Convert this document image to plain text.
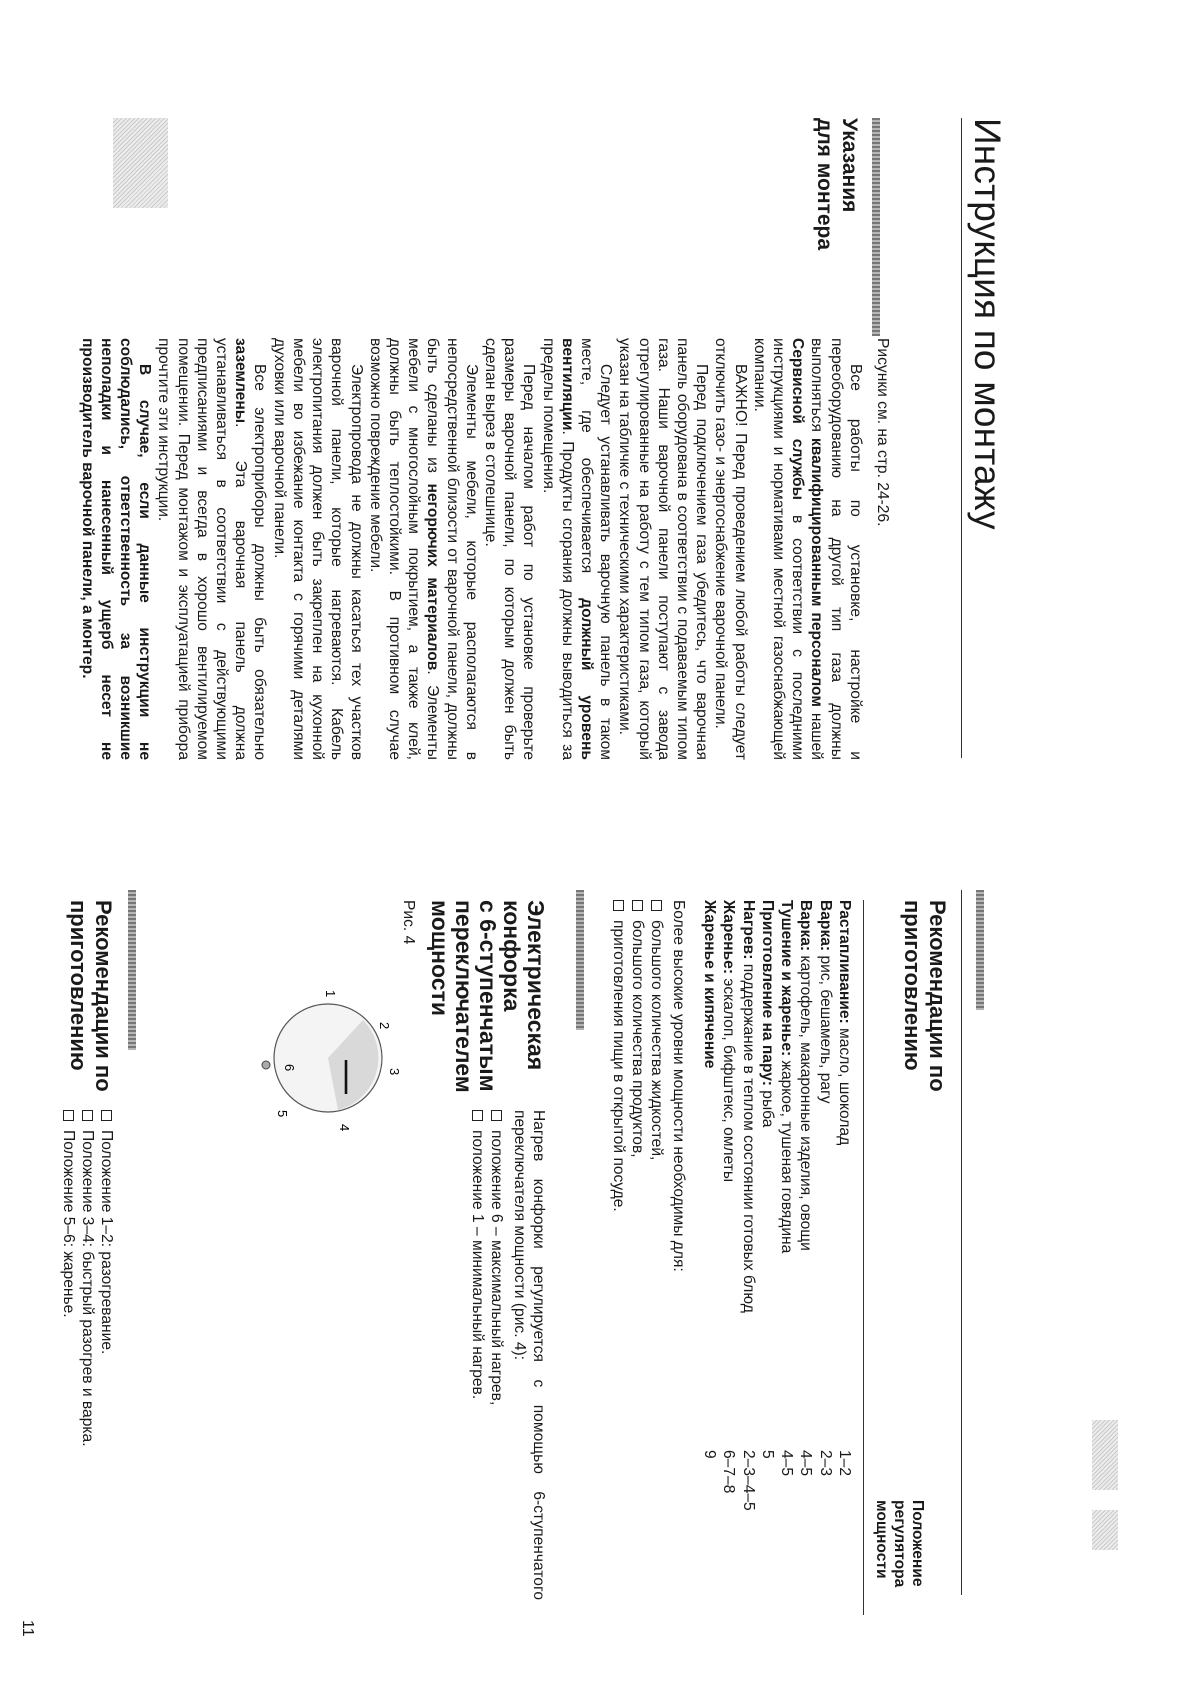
Инструкция по монтажу
Указания
для монтера

Рисунки см. на стр. 24-26.

Все работы по установке, настройке и переоборудованию на другой тип газа должны выполняться квалифицированным персоналом нашей Сервисной службы в соответствии с последними инструкциями и нормативами местной газоснабжающей компании.

ВАЖНО! Перед проведением любой работы следует отключить газо- и энергоснабжение варочной панели.

Перед подключением газа убедитесь, что варочная панель оборудована в соответствии с подаваемым типом газа. Наши варочной панели поступают с завода отрегулированные на работу с тем типом газа, который указан на табличке с техническими характеристиками.

Следует устанавливать варочную панель в таком месте, где обеспечивается должный уровень вентиляции. Продукты сгорания должны выводиться за пределы помещения.

Перед началом работ по установке проверьте размеры варочной панели, по которым должен быть сделан вырез в столешнице.

Элементы мебели, которые располагаются в непосредственной близости от варочной панели, должны быть сделаны из негорючих материалов. Элементы мебели с многослойным покрытием, а также клей, должны быть теплостойкими. В противном случае возможно повреждение мебели.

Электропровода не должны касаться тех участков варочной панели, которые нагреваются. Кабель электропитания должен быть закреплен на кухонной мебели во избежание контакта с горячими деталями духовки или варочной панели.

Все электроприборы должны быть обязательно заземлены. Эта варочная панель должна устанавливаться в соответствии с действующими предписаниями и всегда в хорошо вентилируемом помещении. Перед монтажом и эксплуатацией прибора прочтите эти инструкции.

В случае, если данные инструкции не соблюдались, ответственность за возникшие неполадки и нанесенный ущерб несет не производитель варочной панели, а монтер.

Рекомендации по
приготовлению
Положение
регулятора
мощности
Растапливание: масло, шоколад
1–2
Варка: рис, бешамель, рагу
2–3
Варка: картофель, макаронные изделия, овощи
4–5
Тушение и жаренье: жаркое, тушеная говядина
4–5
Приготовление на пару: рыба
5
Нагрев: поддержание в теплом состоянии готовых блюд
2–3–4–5
Жаренье: эскалоп, бифштекс, омлеты
6–7–8
Жаренье и кипячение
9

Более высокие уровни мощности необходимы для:

большого количества жидкостей,
большого количества продуктов,
приготовления пищи в открытой посуде.
Электрическая
конфорка
с 6-ступенчатым
переключателем
мощности

Рис. 4

Нагрев конфорки регулируется с помощью 6-ступенчатого переключателя мощности (рис. 4):

положение 6 – максимальный нагрев,
положение 1 – минимальный нагрев.
1
2
3
4
5
6
Рекомендации по
приготовлению
Положение 1–2: разогревание.
Положение 3–4: быстрый разогрев и варка.
Положение 5–6: жаренье.
11
